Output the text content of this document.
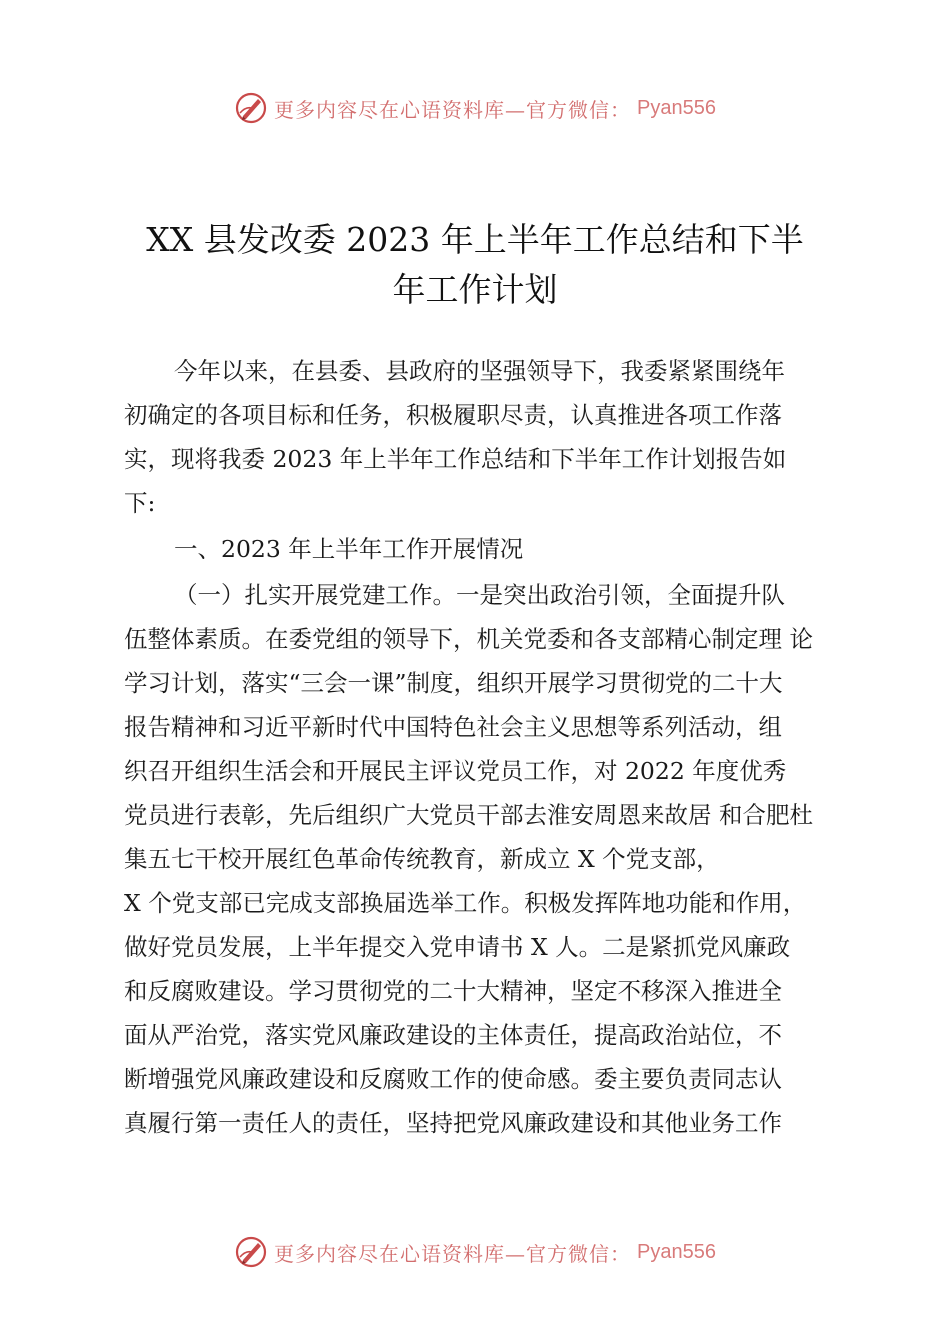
更多内容尽在心语资料库—官方微信： Pyan556
XX 县发改委 2023 年上半年工作总结和下半
年工作计划
今年以来，在县委、县政府的坚强领导下，我委紧紧围绕年
初确定的各项目标和任务，积极履职尽责，认真推进各项工作落
实，现将我委 2023 年上半年工作总结和下半年工作计划报告如
下:
一、2023 年上半年工作开展情况
（一）扎实开展党建工作。一是突出政治引领，全面提升队
伍整体素质。在委党组的领导下，机关党委和各支部精心制定理 论
学习计划，落实“三会一课”制度，组织开展学习贯彻党的二十大
报告精神和习近平新时代中国特色社会主义思想等系列活动，组
织召开组织生活会和开展民主评议党员工作，对 2022 年度优秀
党员进行表彰，先后组织广大党员干部去淮安周恩来故居 和合肥杜
集五七干校开展红色革命传统教育，新成立 X 个党支部，
X 个党支部已完成支部换届选举工作。积极发挥阵地功能和作用，
做好党员发展，上半年提交入党申请书 X 人。二是紧抓党风廉政
和反腐败建设。学习贯彻党的二十大精神，坚定不移深入推进全
面从严治党，落实党风廉政建设的主体责任，提高政治站位，不
断增强党风廉政建设和反腐败工作的使命感。委主要负责同志认
真履行第一责任人的责任，坚持把党风廉政建设和其他业务工作
更多内容尽在心语资料库—官方微信： Pyan556
